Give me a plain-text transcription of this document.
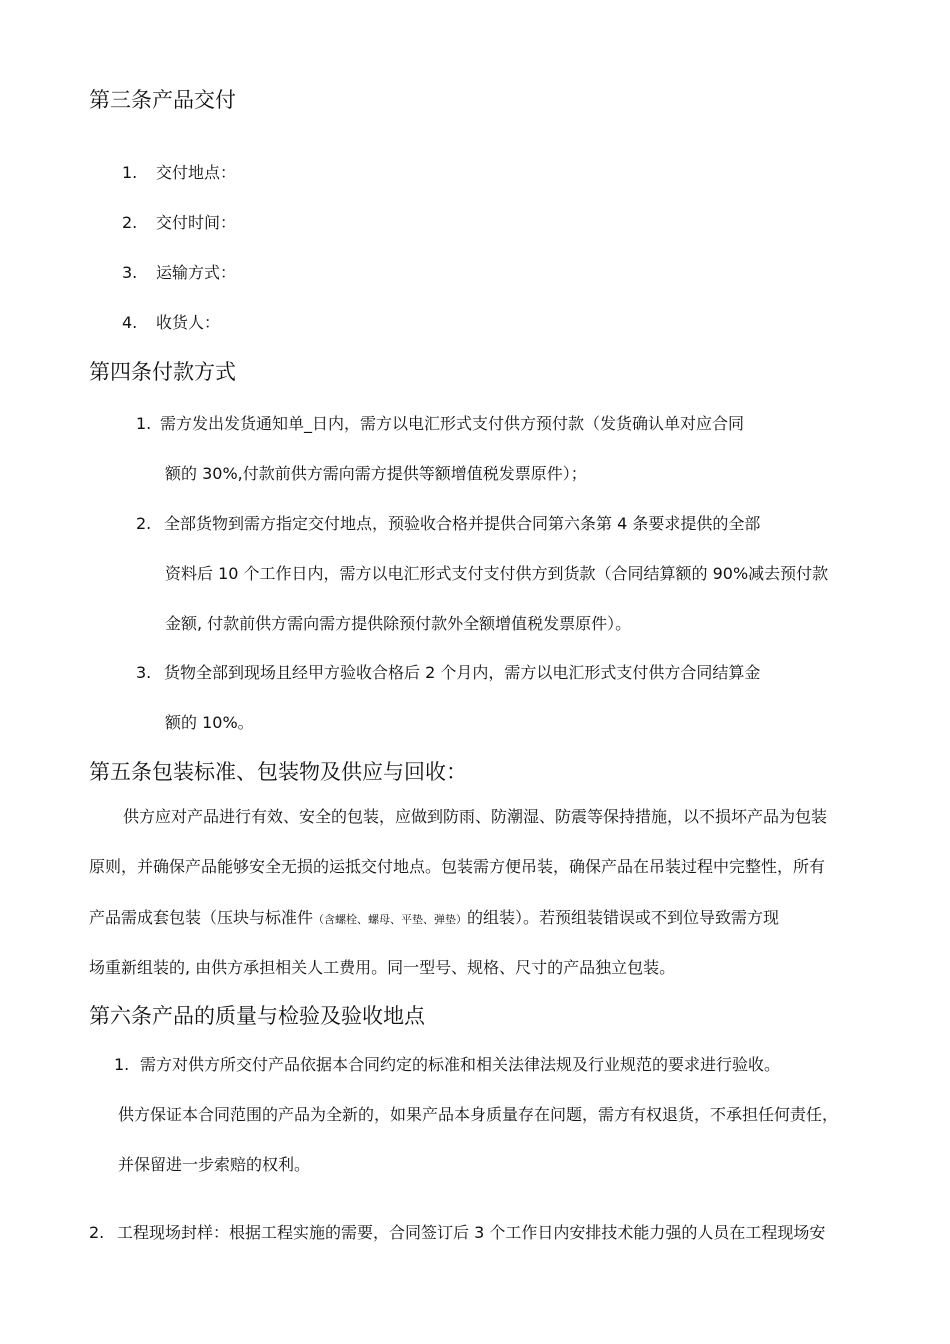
第三条产品交付
1. 交付地点：
2. 交付时间：
3. 运输方式：
4. 收货人：
第四条付款方式
1. 需方发出发货通知单_日内，需方以电汇形式支付供方预付款（发货确认单对应合同
额的 30%,付款前供方需向需方提供等额增值税发票原件）；
2. 全部货物到需方指定交付地点，预验收合格并提供合同第六条第 4 条要求提供的全部
资料后 10 个工作日内，需方以电汇形式支付支付供方到货款（合同结算额的 90%减去预付款
金额, 付款前供方需向需方提供除预付款外全额增值税发票原件）。
3. 货物全部到现场且经甲方验收合格后 2 个月内，需方以电汇形式支付供方合同结算金
额的 10%。
第五条包装标准、包装物及供应与回收：
供方应对产品进行有效、安全的包装，应做到防雨、防潮湿、防震等保持措施，以不损坏产品为包装
原则，并确保产品能够安全无损的运抵交付地点。包装需方便吊装，确保产品在吊装过程中完整性，所有
产品需成套包装（压块与标准件（含螺栓、螺母、平垫、弹垫）的组装）。若预组装错误或不到位导致需方现
场重新组装的, 由供方承担相关人工费用。同一型号、规格、尺寸的产品独立包装。
第六条产品的质量与检验及验收地点
1. 需方对供方所交付产品依据本合同约定的标准和相关法律法规及行业规范的要求进行验收。
供方保证本合同范围的产品为全新的，如果产品本身质量存在问题，需方有权退货，不承担任何责任，
并保留进一步索赔的权利。
2. 工程现场封样：根据工程实施的需要，合同签订后 3 个工作日内安排技术能力强的人员在工程现场安
